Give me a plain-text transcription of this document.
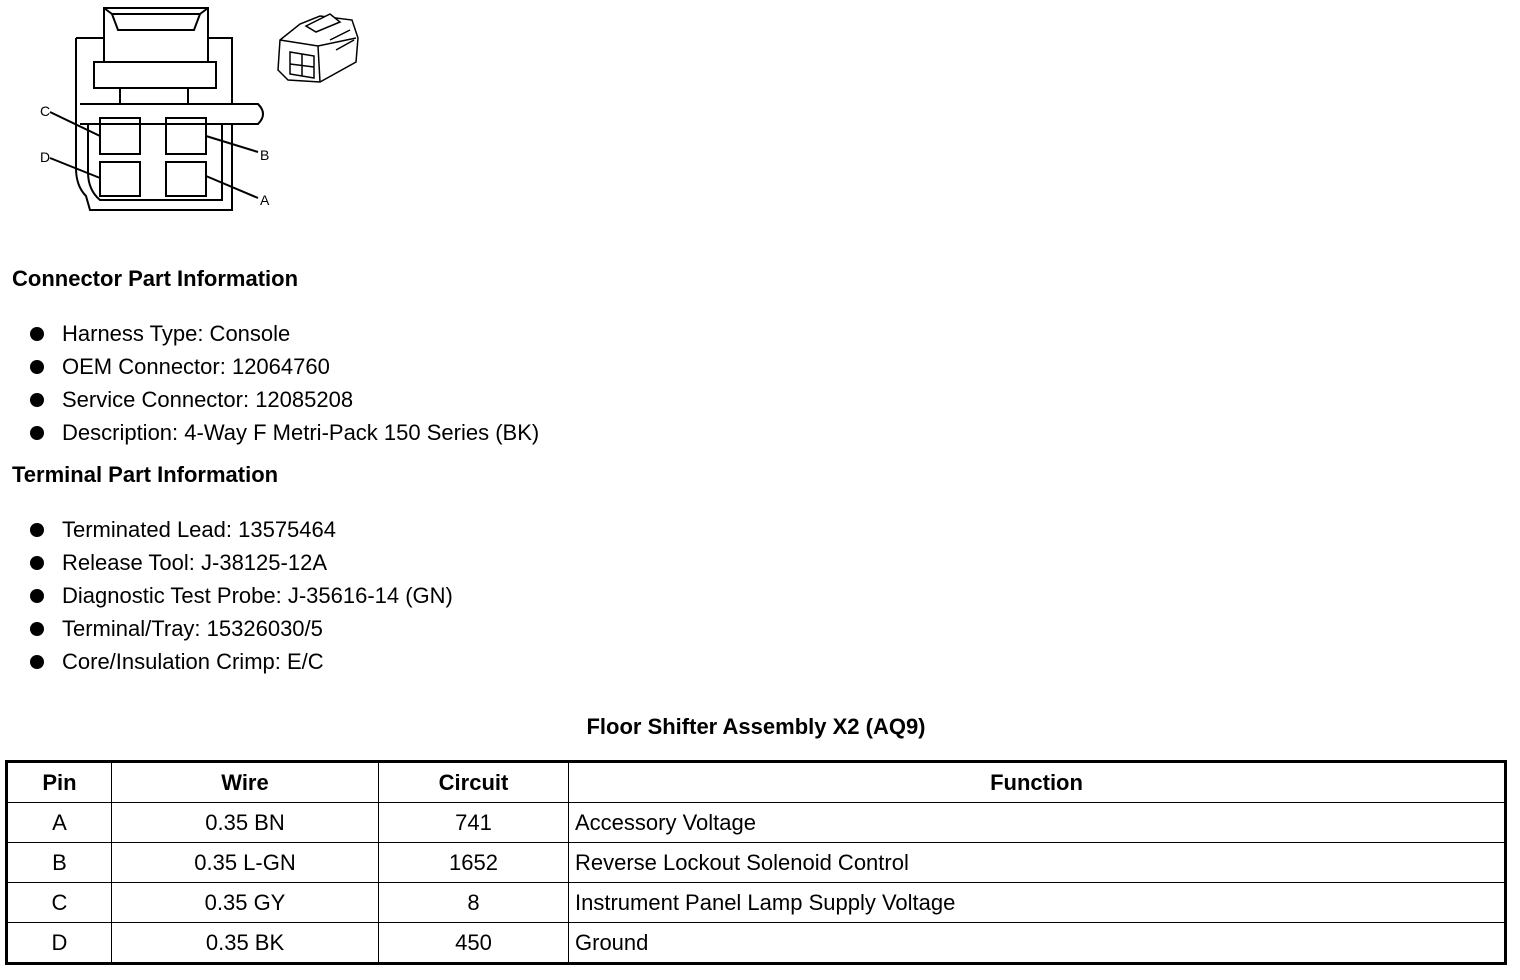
C
D	B
A
Connector Part Information
Harness Type: Console
OEM Connector: 12064760
Service Connector: 12085208
Description: 4-Way F Metri-Pack 150 Series (BK)
Terminal Part Information
Terminated Lead: 13575464
Release Tool: J-38125-12A
Diagnostic Test Probe: J-35616-14 (GN)
Terminal/Tray: 15326030/5
Core/Insulation Crimp: E/C
Floor Shifter Assembly X2 (AQ9)
Pin	Wire	Circuit	Function
A	0.35 BN	741	Accessory Voltage
B	0.35 L-GN	1652	Reverse Lockout Solenoid Control
C	0.35 GY	8	Instrument Panel Lamp Supply Voltage
D	0.35 BK	450	Ground
